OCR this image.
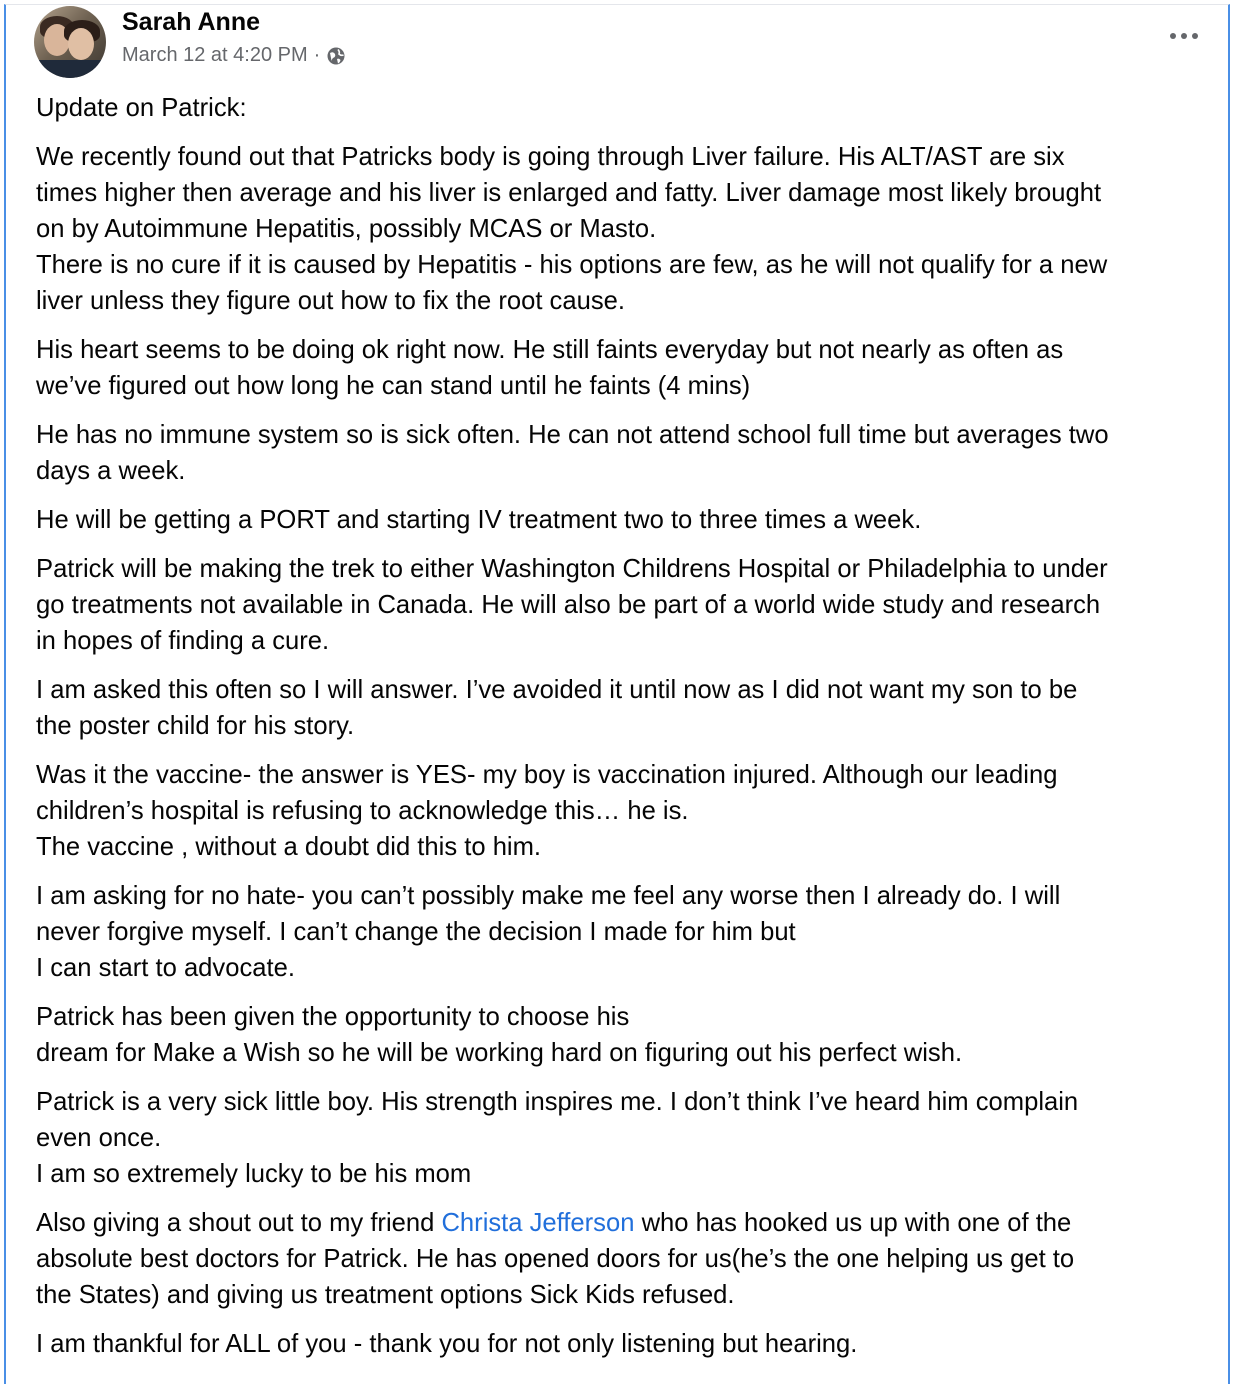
Sarah Anne
March 12 at 4:20 PM ·

Update on Patrick:

We recently found out that Patricks body is going through Liver failure. His ALT/AST are six
times higher then average and his liver is enlarged and fatty. Liver damage most likely brought
on by Autoimmune Hepatitis, possibly MCAS or Masto.
There is no cure if it is caused by Hepatitis - his options are few, as he will not qualify for a new
liver unless they figure out how to fix the root cause.

His heart seems to be doing ok right now. He still faints everyday but not nearly as often as
we’ve figured out how long he can stand until he faints (4 mins)

He has no immune system so is sick often. He can not attend school full time but averages two
days a week.

He will be getting a PORT and starting IV treatment two to three times a week.

Patrick will be making the trek to either Washington Childrens Hospital or Philadelphia to under
go treatments not available in Canada. He will also be part of a world wide study and research
in hopes of finding a cure.

I am asked this often so I will answer. I’ve avoided it until now as I did not want my son to be
the poster child for his story.

Was it the vaccine- the answer is YES- my boy is vaccination injured. Although our leading
children’s hospital is refusing to acknowledge this… he is.
The vaccine , without a doubt did this to him.

I am asking for no hate- you can’t possibly make me feel any worse then I already do. I will
never forgive myself. I can’t change the decision I made for him but
I can start to advocate.

Patrick has been given the opportunity to choose his
dream for Make a Wish so he will be working hard on figuring out his perfect wish.

Patrick is a very sick little boy. His strength inspires me. I don’t think I’ve heard him complain
even once.
I am so extremely lucky to be his mom

Also giving a shout out to my friend Christa Jefferson who has hooked us up with one of the
absolute best doctors for Patrick. He has opened doors for us(he’s the one helping us get to
the States) and giving us treatment options Sick Kids refused.

I am thankful for ALL of you - thank you for not only listening but hearing.
